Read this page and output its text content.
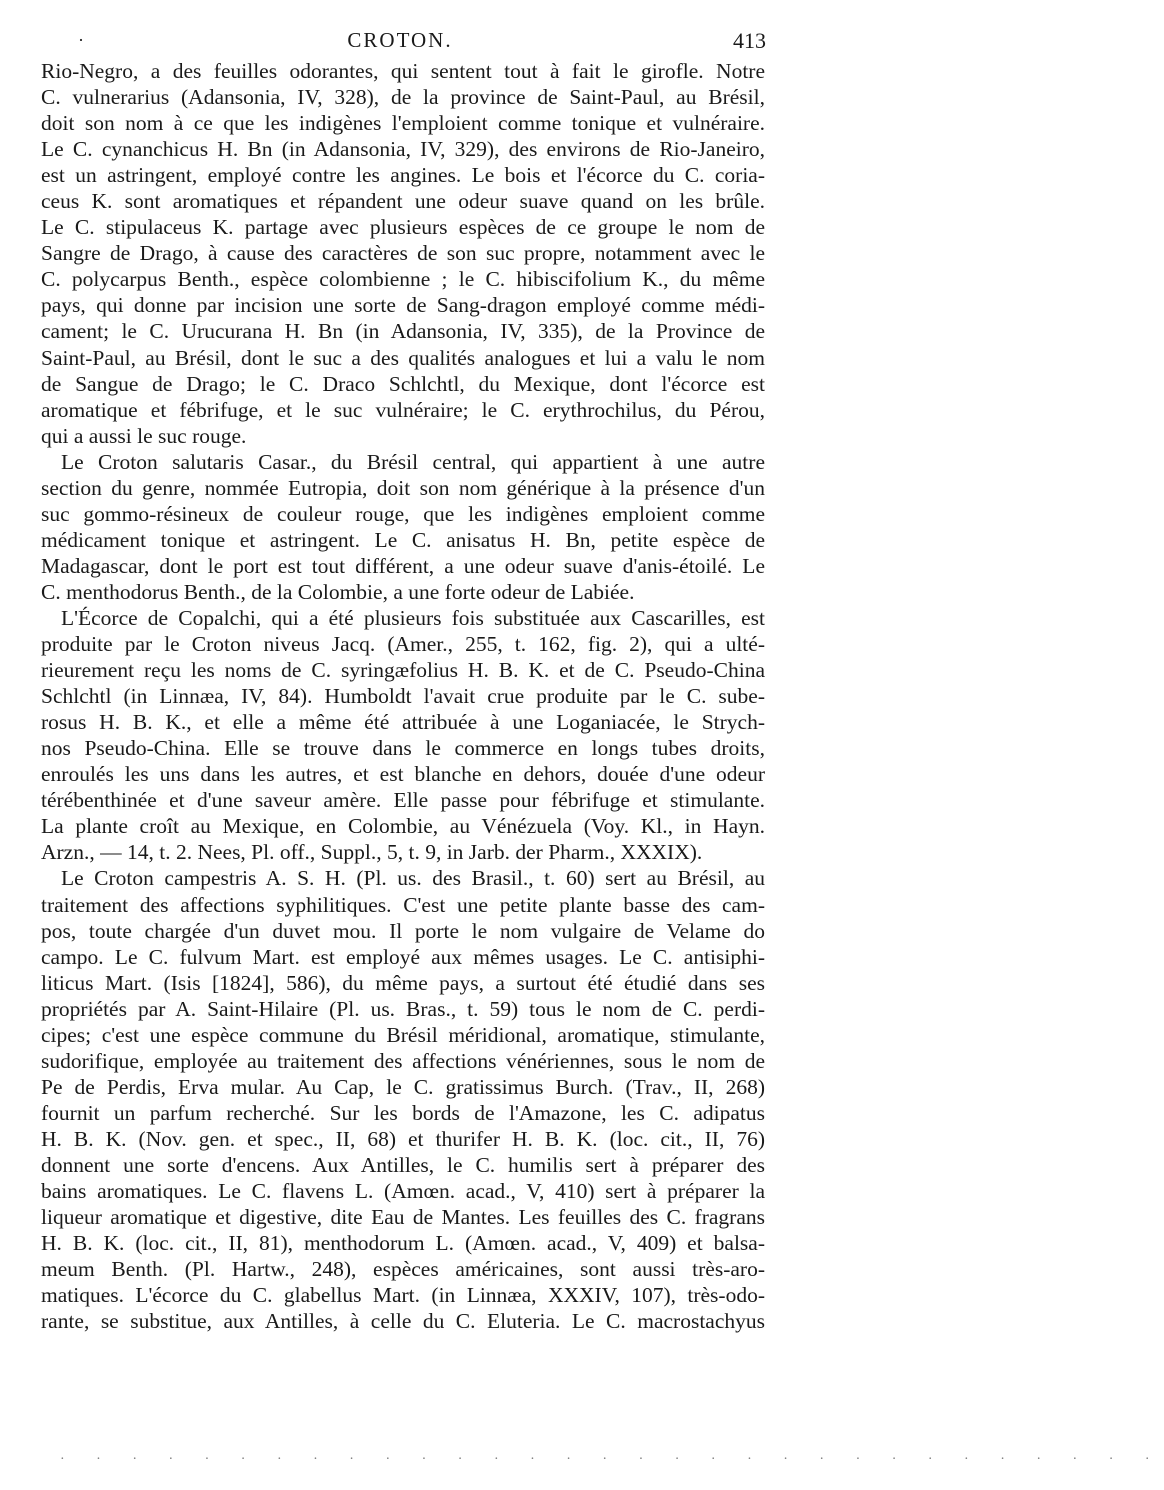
·	CROTON.	413
Rio-Negro, a des feuilles odorantes, qui sentent tout à fait le girofle. Notre
C. vulnerarius (Adansonia, IV, 328), de la province de Saint-Paul, au Brésil,
doit son nom à ce que les indigènes l'emploient comme tonique et vulnéraire.
Le C. cynanchicus H. Bn (in Adansonia, IV, 329), des environs de Rio-Janeiro,
est un astringent, employé contre les angines. Le bois et l'écorce du C. coria-
ceus K. sont aromatiques et répandent une odeur suave quand on les brûle.
Le C. stipulaceus K. partage avec plusieurs espèces de ce groupe le nom de
Sangre de Drago, à cause des caractères de son suc propre, notamment avec le
C. polycarpus Benth., espèce colombienne ; le C. hibiscifolium K., du même
pays, qui donne par incision une sorte de Sang-dragon employé comme médi-
cament; le C. Urucurana H. Bn (in Adansonia, IV, 335), de la Province de
Saint-Paul, au Brésil, dont le suc a des qualités analogues et lui a valu le nom
de Sangue de Drago; le C. Draco Schlchtl, du Mexique, dont l'écorce est
aromatique et fébrifuge, et le suc vulnéraire; le C. erythrochilus, du Pérou,
qui a aussi le suc rouge.
Le Croton salutaris Casar., du Brésil central, qui appartient à une autre
section du genre, nommée Eutropia, doit son nom générique à la présence d'un
suc gommo-résineux de couleur rouge, que les indigènes emploient comme
médicament tonique et astringent. Le C. anisatus H. Bn, petite espèce de
Madagascar, dont le port est tout différent, a une odeur suave d'anis-étoilé. Le
C. menthodorus Benth., de la Colombie, a une forte odeur de Labiée.
L'Écorce de Copalchi, qui a été plusieurs fois substituée aux Cascarilles, est
produite par le Croton niveus Jacq. (Amer., 255, t. 162, fig. 2), qui a ulté-
rieurement reçu les noms de C. syringæfolius H. B. K. et de C. Pseudo-China
Schlchtl (in Linnæa, IV, 84). Humboldt l'avait crue produite par le C. sube-
rosus H. B. K., et elle a même été attribuée à une Loganiacée, le Strych-
nos Pseudo-China. Elle se trouve dans le commerce en longs tubes droits,
enroulés les uns dans les autres, et est blanche en dehors, douée d'une odeur
térébenthinée et d'une saveur amère. Elle passe pour fébrifuge et stimulante.
La plante croît au Mexique, en Colombie, au Vénézuela (Voy. Kl., in Hayn.
Arzn., — 14, t. 2. Nees, Pl. off., Suppl., 5, t. 9, in Jarb. der Pharm., XXXIX).
Le Croton campestris A. S. H. (Pl. us. des Brasil., t. 60) sert au Brésil, au
traitement des affections syphilitiques. C'est une petite plante basse des cam-
pos, toute chargée d'un duvet mou. Il porte le nom vulgaire de Velame do
campo. Le C. fulvum Mart. est employé aux mêmes usages. Le C. antisiphi-
liticus Mart. (Isis [1824], 586), du même pays, a surtout été étudié dans ses
propriétés par A. Saint-Hilaire (Pl. us. Bras., t. 59) tous le nom de C. perdi-
cipes; c'est une espèce commune du Brésil méridional, aromatique, stimulante,
sudorifique, employée au traitement des affections vénériennes, sous le nom de
Pe de Perdis, Erva mular. Au Cap, le C. gratissimus Burch. (Trav., II, 268)
fournit un parfum recherché. Sur les bords de l'Amazone, les C. adipatus
H. B. K. (Nov. gen. et spec., II, 68) et thurifer H. B. K. (loc. cit., II, 76)
donnent une sorte d'encens. Aux Antilles, le C. humilis sert à préparer des
bains aromatiques. Le C. flavens L. (Amœn. acad., V, 410) sert à préparer la
liqueur aromatique et digestive, dite Eau de Mantes. Les feuilles des C. fragrans
H. B. K. (loc. cit., II, 81), menthodorum L. (Amœn. acad., V, 409) et balsa-
meum Benth. (Pl. Hartw., 248), espèces américaines, sont aussi très-aro-
matiques. L'écorce du C. glabellus Mart. (in Linnæa, XXXIV, 107), très-odo-
rante, se substitue, aux Antilles, à celle du C. Eluteria. Le C. macrostachyus
· · · · · · · · · · · · · · · · · · · · · · · · · · · · · · ·
